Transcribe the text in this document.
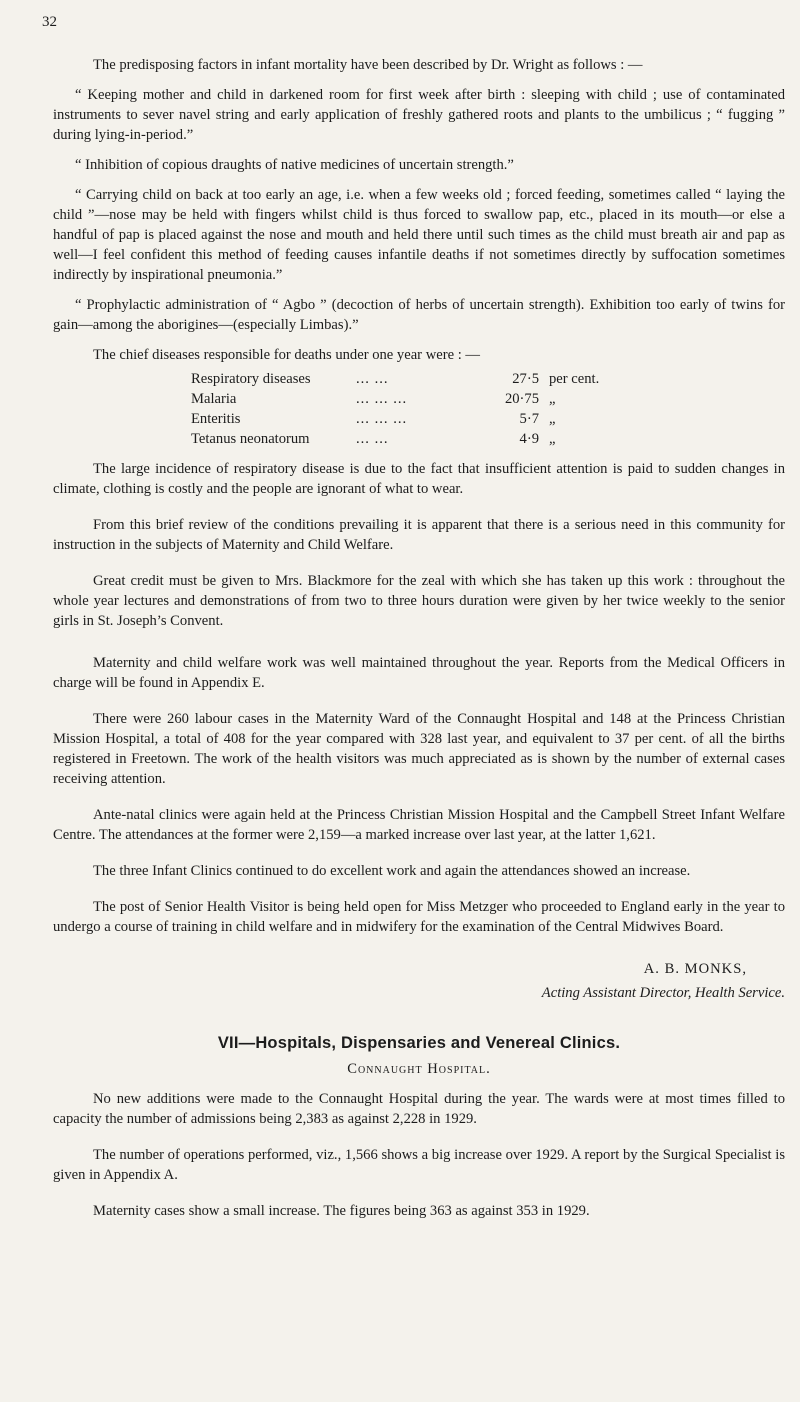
32

The predisposing factors in infant mortality have been described by Dr. Wright as follows : —

“ Keeping mother and child in darkened room for first week after birth : sleeping with child ; use of contaminated instruments to sever navel string and early application of freshly gathered roots and plants to the umbilicus ; “ fugging ” during lying-in-period.”

“ Inhibition of copious draughts of native medicines of uncertain strength.”

“ Carrying child on back at too early an age, i.e. when a few weeks old ; forced feeding, sometimes called “ laying the child ”—nose may be held with fingers whilst child is thus forced to swallow pap, etc., placed in its mouth—or else a handful of pap is placed against the nose and mouth and held there until such times as the child must breath air and pap as well—I feel confident this method of feeding causes infantile deaths if not sometimes directly by suffocation sometimes indirectly by inspirational pneumonia.”

“ Prophylactic administration of “ Agbo ” (decoction of herbs of uncertain strength). Exhibition too early of twins for gain—among the aborigines—(especially Limbas).”

The chief diseases responsible for deaths under one year were : —

Respiratory diseases	... ...	27·5	per cent.
Malaria	... ... ...	20·75	„
Enteritis	... ... ...	5·7	„
Tetanus neonatorum	... ...	4·9	„

The large incidence of respiratory disease is due to the fact that insufficient attention is paid to sudden changes in climate, clothing is costly and the people are ignorant of what to wear.

From this brief review of the conditions prevailing it is apparent that there is a serious need in this community for instruction in the subjects of Maternity and Child Welfare.

Great credit must be given to Mrs. Blackmore for the zeal with which she has taken up this work : throughout the whole year lectures and demonstrations of from two to three hours duration were given by her twice weekly to the senior girls in St. Joseph’s Convent.

Maternity and child welfare work was well maintained throughout the year. Reports from the Medical Officers in charge will be found in Appendix E.

There were 260 labour cases in the Maternity Ward of the Connaught Hospital and 148 at the Princess Christian Mission Hospital, a total of 408 for the year compared with 328 last year, and equivalent to 37 per cent. of all the births registered in Freetown. The work of the health visitors was much appreciated as is shown by the number of external cases receiving attention.

Ante-natal clinics were again held at the Princess Christian Mission Hospital and the Campbell Street Infant Welfare Centre. The attendances at the former were 2,159—a marked increase over last year, at the latter 1,621.

The three Infant Clinics continued to do excellent work and again the attendances showed an increase.

The post of Senior Health Visitor is being held open for Miss Metzger who proceeded to England early in the year to undergo a course of training in child welfare and in midwifery for the examination of the Central Midwives Board.

A. B. MONKS,
Acting Assistant Director, Health Service.
VII—Hospitals, Dispensaries and Venereal Clinics.
Connaught Hospital.

No new additions were made to the Connaught Hospital during the year. The wards were at most times filled to capacity the number of admissions being 2,383 as against 2,228 in 1929.

The number of operations performed, viz., 1,566 shows a big increase over 1929. A report by the Surgical Specialist is given in Appendix A.

Maternity cases show a small increase. The figures being 363 as against 353 in 1929.
